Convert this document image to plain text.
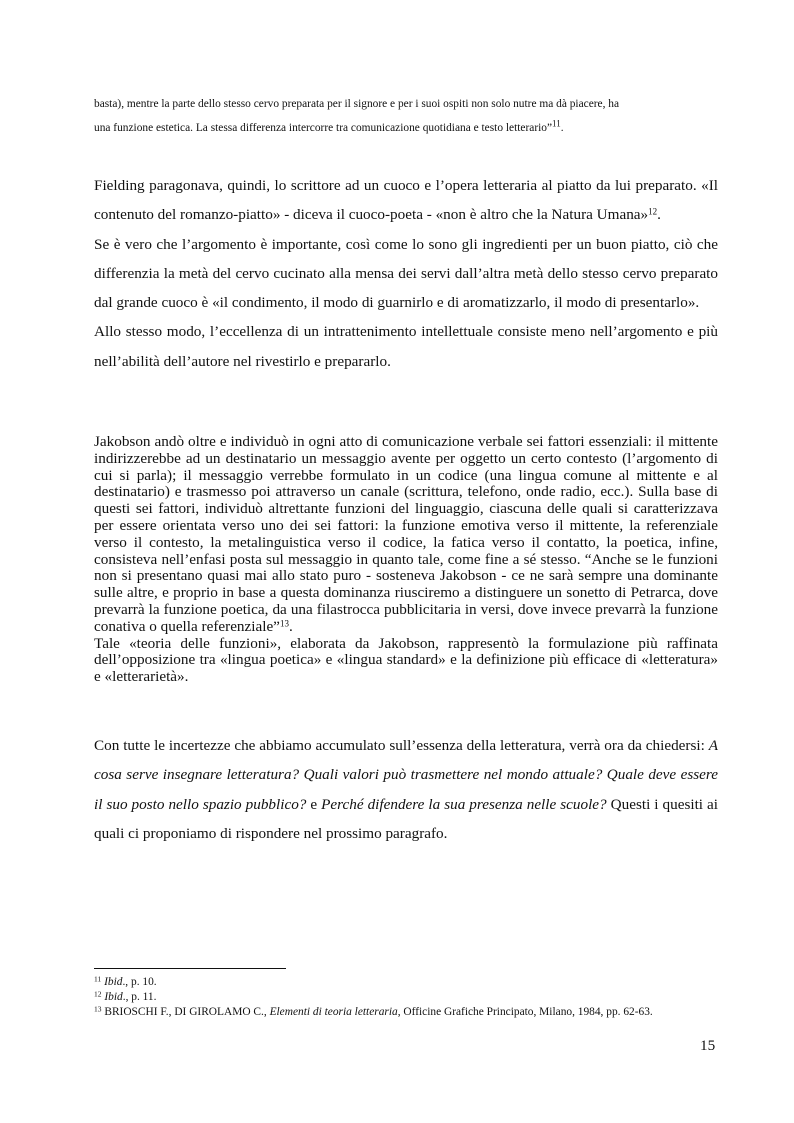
basta), mentre la parte dello stesso cervo preparata per il signore e per i suoi ospiti non solo nutre ma dà piacere, ha

una funzione estetica. La stessa differenza intercorre tra comunicazione quotidiana e testo letterario”$^{11}$.

Fielding paragonava, quindi, lo scrittore ad un cuoco e l’opera letteraria al piatto da lui preparato. «Il contenuto del romanzo-piatto» - diceva il cuoco-poeta - «non è altro che la Natura Umana»$^{12}$.

Se è vero che l’argomento è importante, così come lo sono gli ingredienti per un buon piatto, ciò che differenzia la metà del cervo cucinato alla mensa dei servi dall’altra metà dello stesso cervo preparato dal grande cuoco è «il condimento, il modo di guarnirlo e di aromatizzarlo, il modo di presentarlo».

Allo stesso modo, l’eccellenza di un intrattenimento intellettuale consiste meno nell’argomento e più nell’abilità dell’autore nel rivestirlo e prepararlo.

Jakobson andò oltre e individuò in ogni atto di comunicazione verbale sei fattori essenziali: il mittente indirizzerebbe ad un destinatario un messaggio avente per oggetto un certo contesto (l’argomento di cui si parla); il messaggio verrebbe formulato in un codice (una lingua comune al mittente e al destinatario) e trasmesso poi attraverso un canale (scrittura, telefono, onde radio, ecc.). Sulla base di questi sei fattori, individuò altrettante funzioni del linguaggio, ciascuna delle quali si caratterizzava per essere orientata verso uno dei sei fattori: la funzione emotiva verso il mittente, la referenziale verso il contesto, la metalinguistica verso il codice, la fatica verso il contatto, la poetica, infine, consisteva nell’enfasi posta sul messaggio in quanto tale, come fine a sé stesso. “Anche se le funzioni non si presentano quasi mai allo stato puro - sosteneva Jakobson - ce ne sarà sempre una dominante sulle altre, e proprio in base a questa dominanza riusciremo a distinguere un sonetto di Petrarca, dove prevarrà la funzione poetica, da una filastrocca pubblicitaria in versi, dove invece prevarrà la funzione conativa o quella referenziale”$^{13}$.

Tale «teoria delle funzioni», elaborata da Jakobson, rappresentò la formulazione più raffinata dell’opposizione tra «lingua poetica» e «lingua standard» e la definizione più efficace di «letteratura» e «letterarietà».

Con tutte le incertezze che abbiamo accumulato sull’essenza della letteratura, verrà ora da chiedersi: A cosa serve insegnare letteratura? Quali valori può trasmettere nel mondo attuale? Quale deve essere il suo posto nello spazio pubblico? e Perché difendere la sua presenza nelle scuole? Questi i quesiti ai quali ci proponiamo di rispondere nel prossimo paragrafo.

$^{11}$ Ibid., p. 10.

$^{12}$ Ibid., p. 11.

$^{13}$ BRIOSCHI F., DI GIROLAMO C., Elementi di teoria letteraria, Officine Grafiche Principato, Milano, 1984, pp. 62-63.

15
